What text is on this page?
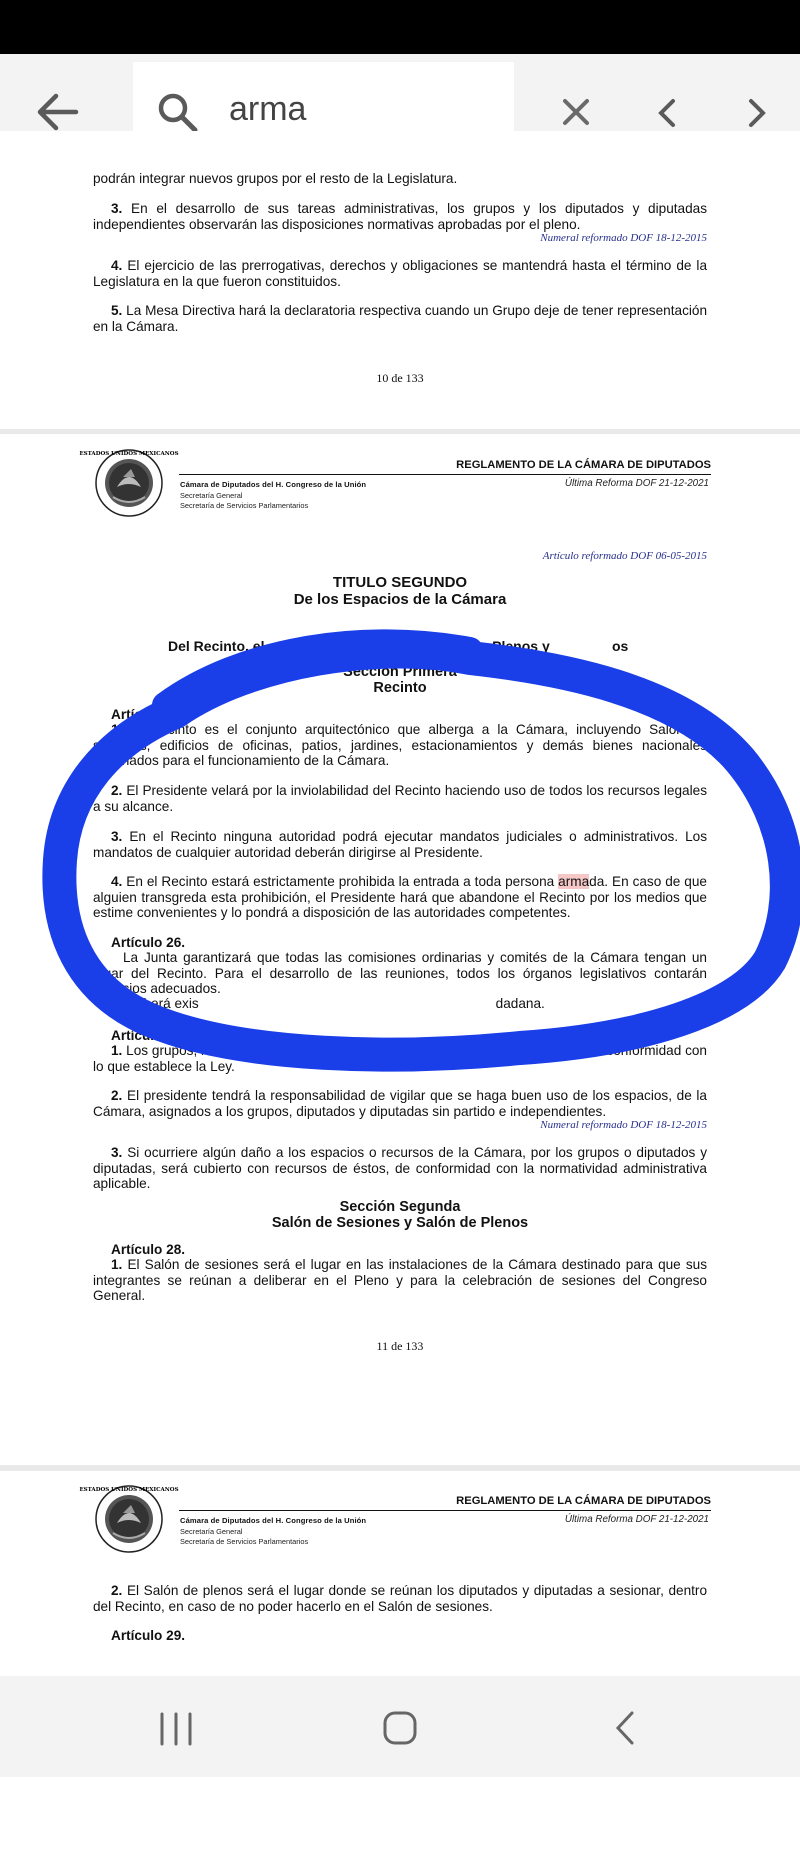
arma
podrán integrar nuevos grupos por el resto de la Legislatura.
3. En el desarrollo de sus tareas administrativas, los grupos y los diputados y diputadas independientes observarán las disposiciones normativas aprobadas por el pleno.
Numeral reformado DOF 18-12-2015
4. El ejercicio de las prerrogativas, derechos y obligaciones se mantendrá hasta el término de la Legislatura en la que fueron constituidos.
5. La Mesa Directiva hará la declaratoria respectiva cuando un Grupo deje de tener representación en la Cámara.
10 de 133
ESTADOS UNIDOS MEXICANOS
REGLAMENTO DE LA CÁMARA DE DIPUTADOS
Cámara de Diputados del H. Congreso de la Unión	Última Reforma DOF 21-12-2021
Secretaría General
Secretaría de Servicios Parlamentarios
Artículo reformado DOF 06-05-2015
TITULO SEGUNDO
De los Espacios de la Cámara
Del Recinto, el	iones, el Salón de Plenos y	os
Sección Primera
Recinto
Artículo 25.
1. El Recinto es el conjunto arquitectónico que alberga a la Cámara, incluyendo Salón de sesiones, edificios de oficinas, patios, jardines, estacionamientos y demás bienes nacionales destinados para el funcionamiento de la Cámara.
2. El Presidente velará por la inviolabilidad del Recinto haciendo uso de todos los recursos legales a su alcance.
3. En el Recinto ninguna autoridad podrá ejecutar mandatos judiciales o administrativos. Los mandatos de cualquier autoridad deberán dirigirse al Presidente.
4. En el Recinto estará estrictamente prohibida la entrada a toda persona armada. En caso de que alguien transgreda esta prohibición, el Presidente hará que abandone el Recinto por los medios que estime convenientes y lo pondrá a disposición de las autoridades competentes.
Artículo 26.
La Junta garantizará que todas las comisiones ordinarias y comités de la Cámara tengan un lugar del Recinto. Para el desarrollo de las reuniones, todos los órganos legislativos contarán espacios adecuados.
2. Deberá exis	dadana.
Artículo 27.
1. Los grupos, los diputados y diputadas, tendrán espacios dentro del Recinto, de conformidad con lo que establece la Ley.
2. El presidente tendrá la responsabilidad de vigilar que se haga buen uso de los espacios, de la Cámara, asignados a los grupos, diputados y diputadas sin partido e independientes.
Numeral reformado DOF 18-12-2015
3. Si ocurriere algún daño a los espacios o recursos de la Cámara, por los grupos o diputados y diputadas, será cubierto con recursos de éstos, de conformidad con la normatividad administrativa aplicable.
Sección Segunda
Salón de Sesiones y Salón de Plenos
Artículo 28.
1. El Salón de sesiones será el lugar en las instalaciones de la Cámara destinado para que sus integrantes se reúnan a deliberar en el Pleno y para la celebración de sesiones del Congreso General.
11 de 133
ESTADOS UNIDOS MEXICANOS
REGLAMENTO DE LA CÁMARA DE DIPUTADOS
Cámara de Diputados del H. Congreso de la Unión	Última Reforma DOF 21-12-2021
Secretaría General
Secretaría de Servicios Parlamentarios
2. El Salón de plenos será el lugar donde se reúnan los diputados y diputadas a sesionar, dentro del Recinto, en caso de no poder hacerlo en el Salón de sesiones.
Artículo 29.
